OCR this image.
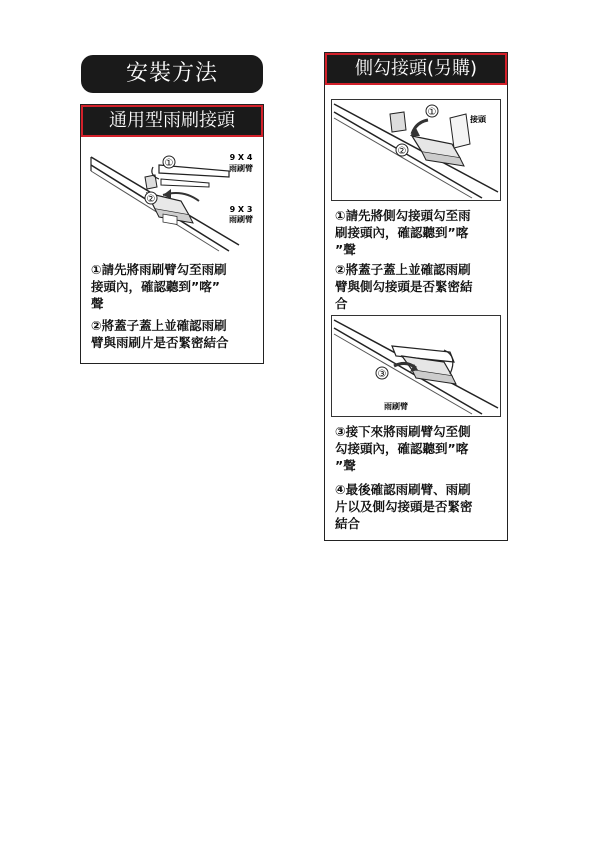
安裝方法
通用型雨刷接頭
①
②
9 X 4
雨刷臂
9 X 3
雨刷臂
①請先將雨刷臂勾至雨刷
接頭內，確認聽到”喀”
聲
②將蓋子蓋上並確認雨刷
臂與雨刷片是否緊密結合
側勾接頭(另購)
①
②
接頭
①請先將側勾接頭勾至雨
刷接頭內，確認聽到”喀
”聲
②將蓋子蓋上並確認雨刷
臂與側勾接頭是否緊密結
合
③
雨刷臂
③接下來將雨刷臂勾至側
勾接頭內，確認聽到”喀
”聲
④最後確認雨刷臂、雨刷
片以及側勾接頭是否緊密
結合
